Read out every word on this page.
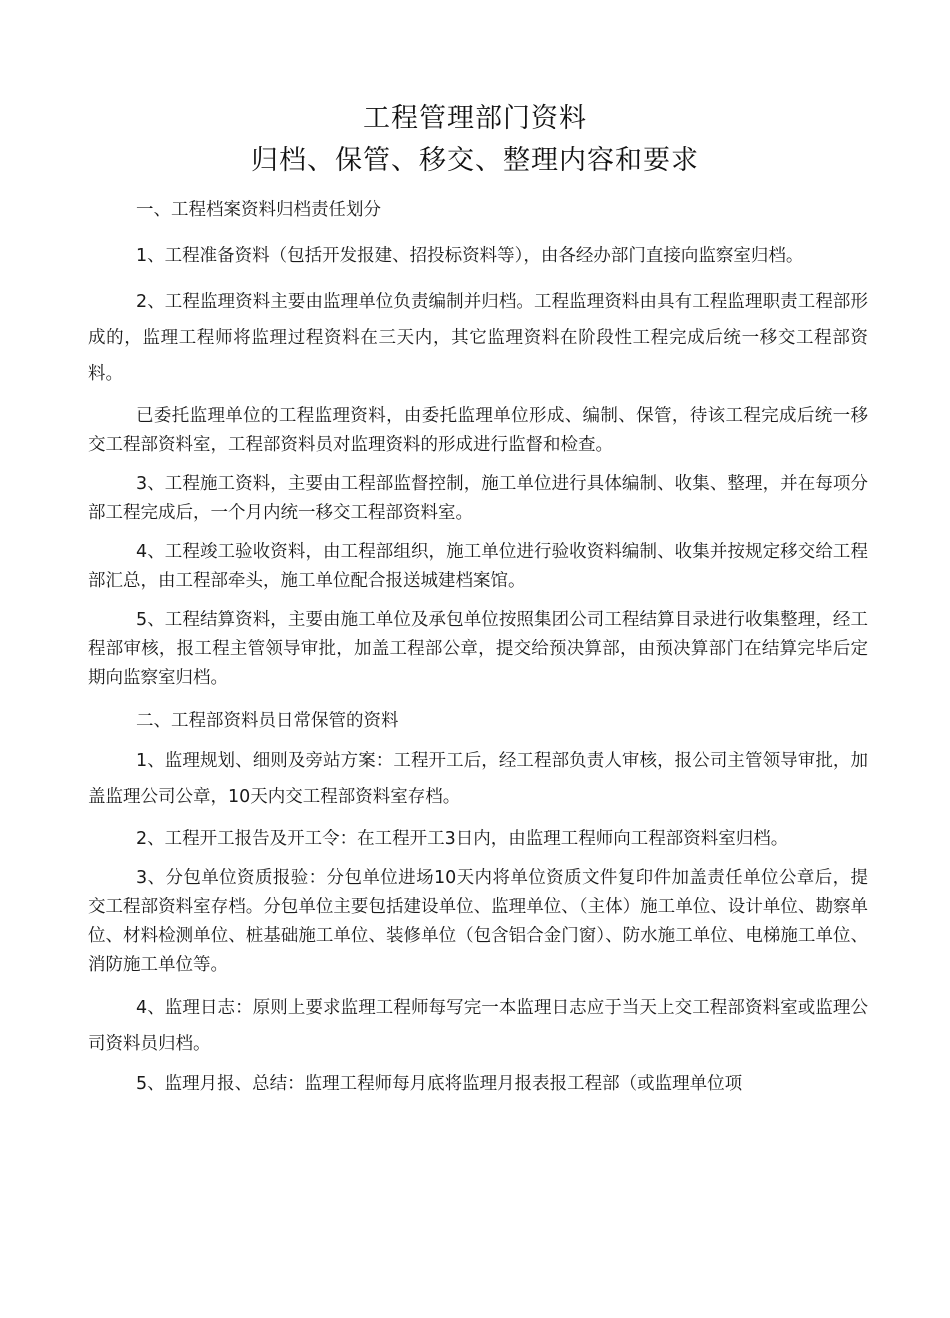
工程管理部门资料
归档、保管、移交、整理内容和要求

一、工程档案资料归档责任划分

1、工程准备资料（包括开发报建、招投标资料等），由各经办部门直接向监察室归档。

2、工程监理资料主要由监理单位负责编制并归档。工程监理资料由具有工程监理职责工程部形成的，监理工程师将监理过程资料在三天内，其它监理资料在阶段性工程完成后统一移交工程部资料。

已委托监理单位的工程监理资料，由委托监理单位形成、编制、保管，待该工程完成后统一移交工程部资料室，工程部资料员对监理资料的形成进行监督和检查。

3、工程施工资料，主要由工程部监督控制，施工单位进行具体编制、收集、整理，并在每项分部工程完成后，一个月内统一移交工程部资料室。

4、工程竣工验收资料，由工程部组织，施工单位进行验收资料编制、收集并按规定移交给工程部汇总，由工程部牵头，施工单位配合报送城建档案馆。

5、工程结算资料，主要由施工单位及承包单位按照集团公司工程结算目录进行收集整理，经工程部审核，报工程主管领导审批，加盖工程部公章，提交给预决算部，由预决算部门在结算完毕后定期向监察室归档。

二、工程部资料员日常保管的资料

1、监理规划、细则及旁站方案：工程开工后，经工程部负责人审核，报公司主管领导审批，加盖监理公司公章，10天内交工程部资料室存档。

2、工程开工报告及开工令：在工程开工3日内，由监理工程师向工程部资料室归档。

3、分包单位资质报验：分包单位进场10天内将单位资质文件复印件加盖责任单位公章后，提交工程部资料室存档。分包单位主要包括建设单位、监理单位、（主体）施工单位、设计单位、勘察单位、材料检测单位、桩基础施工单位、装修单位（包含铝合金门窗）、防水施工单位、电梯施工单位、消防施工单位等。

4、监理日志：原则上要求监理工程师每写完一本监理日志应于当天上交工程部资料室或监理公司资料员归档。

5、监理月报、总结：监理工程师每月底将监理月报表报工程部（或监理单位项
